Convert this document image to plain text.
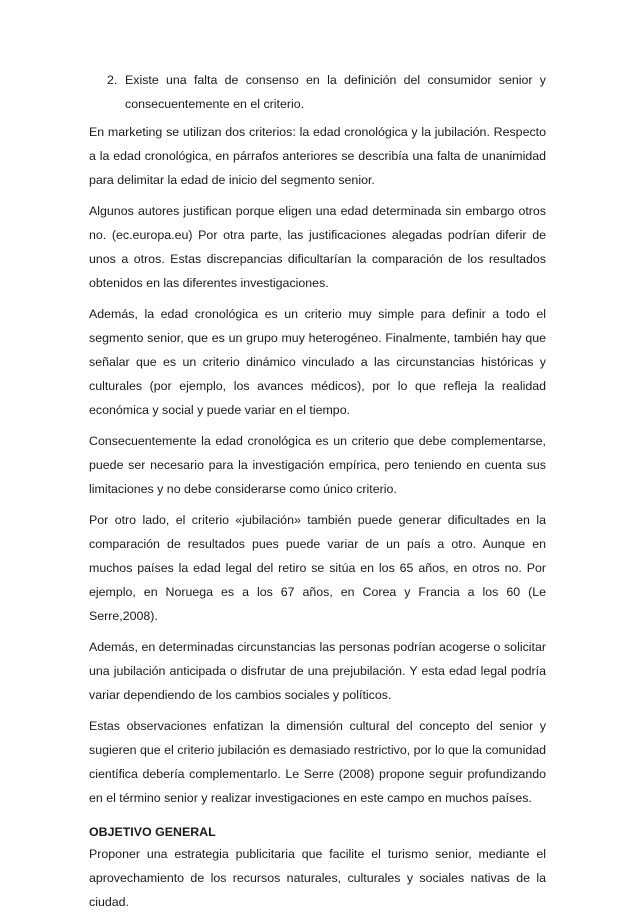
2. Existe una falta de consenso en la definición del consumidor senior y consecuentemente en el criterio.

En marketing se utilizan dos criterios: la edad cronológica y la jubilación. Respecto a la edad cronológica, en párrafos anteriores se describía una falta de unanimidad para delimitar la edad de inicio del segmento senior.

Algunos autores justifican porque eligen una edad determinada sin embargo otros no. (ec.europa.eu) Por otra parte, las justificaciones alegadas podrían diferir de unos a otros. Estas discrepancias dificultarían la comparación de los resultados obtenidos en las diferentes investigaciones.

Además, la edad cronológica es un criterio muy simple para definir a todo el segmento senior, que es un grupo muy heterogéneo. Finalmente, también hay que señalar que es un criterio dinámico vinculado a las circunstancias históricas y culturales (por ejemplo, los avances médicos), por lo que refleja la realidad económica y social y puede variar en el tiempo.

Consecuentemente la edad cronológica es un criterio que debe complementarse, puede ser necesario para la investigación empírica, pero teniendo en cuenta sus limitaciones y no debe considerarse como único criterio.

Por otro lado, el criterio «jubilación» también puede generar dificultades en la comparación de resultados pues puede variar de un país a otro. Aunque en muchos países la edad legal del retiro se sitúa en los 65 años, en otros no. Por ejemplo, en Noruega es a los 67 años, en Corea y Francia a los 60 (Le Serre,2008).

Además, en determinadas circunstancias las personas podrían acogerse o solicitar una jubilación anticipada o disfrutar de una prejubilación. Y esta edad legal podría variar dependiendo de los cambios sociales y políticos.

Estas observaciones enfatizan la dimensión cultural del concepto del senior y sugieren que el criterio jubilación es demasiado restrictivo, por lo que la comunidad científica debería complementarlo. Le Serre (2008) propone seguir profundizando en el término senior y realizar investigaciones en este campo en muchos países.

OBJETIVO GENERAL

Proponer una estrategia publicitaria que facilite el turismo senior, mediante el aprovechamiento de los recursos naturales, culturales y sociales nativas de la ciudad.
